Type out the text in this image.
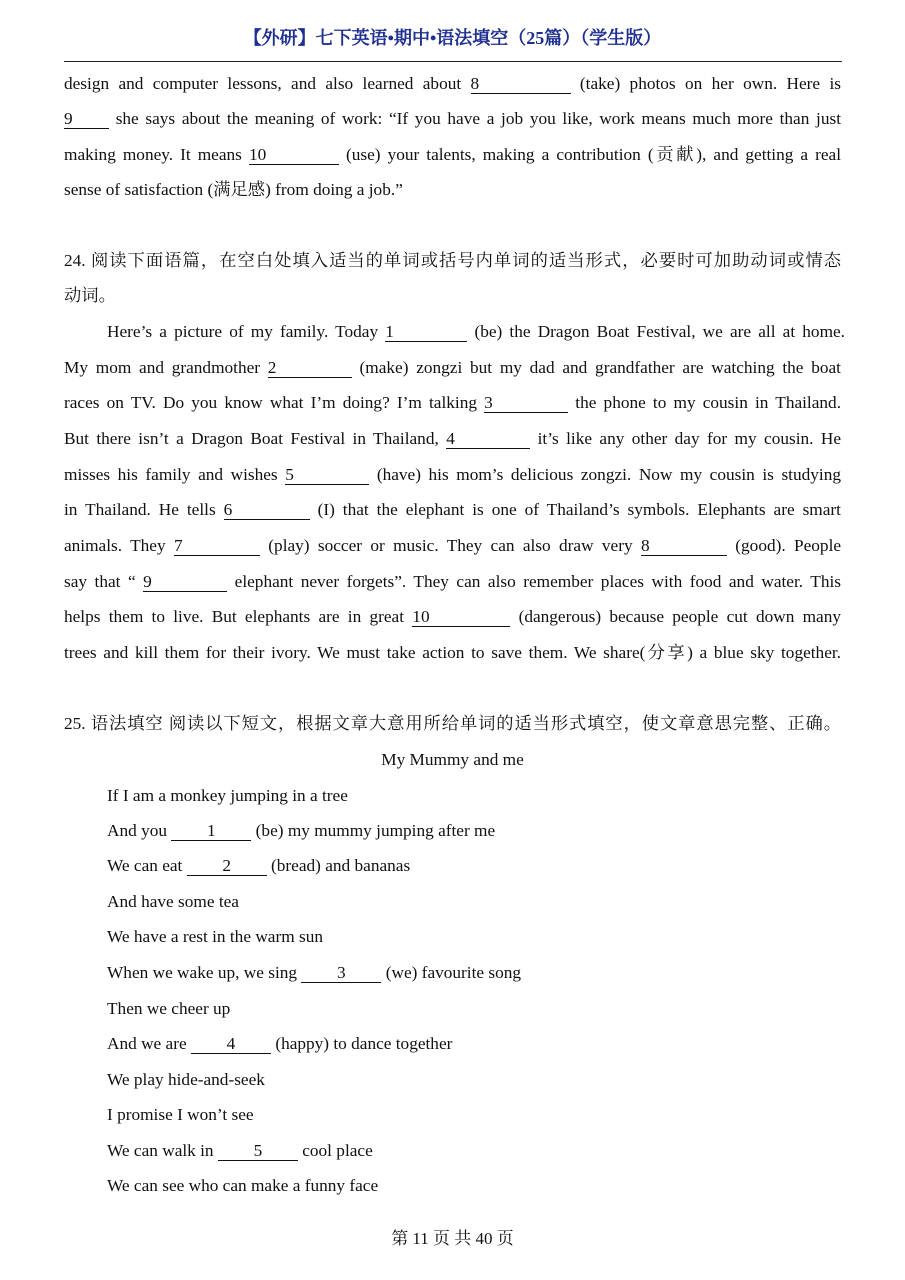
【外研】七下英语•期中•语法填空（25篇）（学生版）
design and computer lessons, and also learned about 8	(take) photos on her own. Here is
9 she says about the meaning of work: “If you have a job you like, work means much more than just
making money. It means 10	(use) your talents, making a contribution (贡献), and getting a real
sense of satisfaction (满足感) from doing a job.”
24. 阅读下面语篇，在空白处填入适当的单词或括号内单词的适当形式，必要时可加助动词或情态
动词。
Here’s a picture of my family. Today 1	(be) the Dragon Boat Festival, we are all at home.
My mom and grandmother 2	(make) zongzi but my dad and grandfather are watching the boat
races on TV. Do you know what I’m doing? I’m talking 3	the phone to my cousin in Thailand.
But there isn’t a Dragon Boat Festival in Thailand, 4	it’s like any other day for my cousin. He
misses his family and wishes 5	(have) his mom’s delicious zongzi. Now my cousin is studying
in Thailand. He tells 6	(I) that the elephant is one of Thailand’s symbols. Elephants are smart
animals. They 7	(play) soccer or music. They can also draw very 8	(good). People
say that “ 9	elephant never forgets”. They can also remember places with food and water. This
helps them to live. But elephants are in great 10	(dangerous) because people cut down many
trees and kill them for their ivory. We must take action to save them. We share(分享) a blue sky together.
25. 语法填空 阅读以下短文，根据文章大意用所给单词的适当形式填空，使文章意思完整、正确。
My Mummy and me
If I am a monkey jumping in a tree
And you 1 (be) my mummy jumping after me
We can eat 2 (bread) and bananas
And have some tea
We have a rest in the warm sun
When we wake up, we sing 3 (we) favourite song
Then we cheer up
And we are 4 (happy) to dance together
We play hide-and-seek
I promise I won’t see
We can walk in 5 cool place
We can see who can make a funny face
第 11 页 共 40 页
